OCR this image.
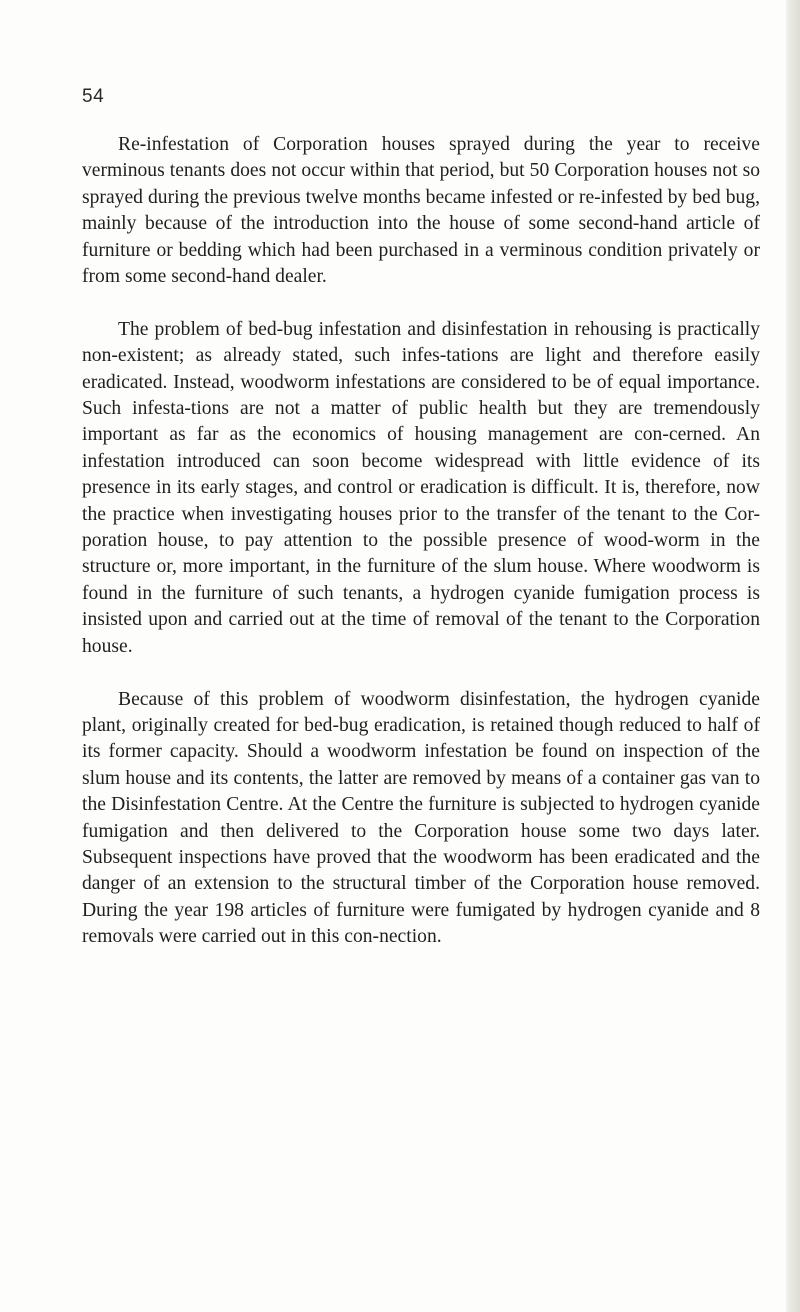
54

Re-infestation of Corporation houses sprayed during the year to receive verminous tenants does not occur within that period, but 50 Corporation houses not so sprayed during the previous twelve months became infested or re-infested by bed bug, mainly because of the introduction into the house of some second-hand article of furniture or bedding which had been purchased in a verminous condition privately or from some second-hand dealer.

The problem of bed-bug infestation and disinfestation in rehousing is practically non-existent; as already stated, such infes-tations are light and therefore easily eradicated. Instead, woodworm infestations are considered to be of equal importance. Such infesta-tions are not a matter of public health but they are tremendously important as far as the economics of housing management are con-cerned. An infestation introduced can soon become widespread with little evidence of its presence in its early stages, and control or eradication is difficult. It is, therefore, now the practice when investigating houses prior to the transfer of the tenant to the Cor-poration house, to pay attention to the possible presence of wood-worm in the structure or, more important, in the furniture of the slum house. Where woodworm is found in the furniture of such tenants, a hydrogen cyanide fumigation process is insisted upon and carried out at the time of removal of the tenant to the Corporation house.

Because of this problem of woodworm disinfestation, the hydrogen cyanide plant, originally created for bed-bug eradication, is retained though reduced to half of its former capacity. Should a woodworm infestation be found on inspection of the slum house and its contents, the latter are removed by means of a container gas van to the Disinfestation Centre. At the Centre the furniture is subjected to hydrogen cyanide fumigation and then delivered to the Corporation house some two days later. Subsequent inspections have proved that the woodworm has been eradicated and the danger of an extension to the structural timber of the Corporation house removed. During the year 198 articles of furniture were fumigated by hydrogen cyanide and 8 removals were carried out in this con-nection.
